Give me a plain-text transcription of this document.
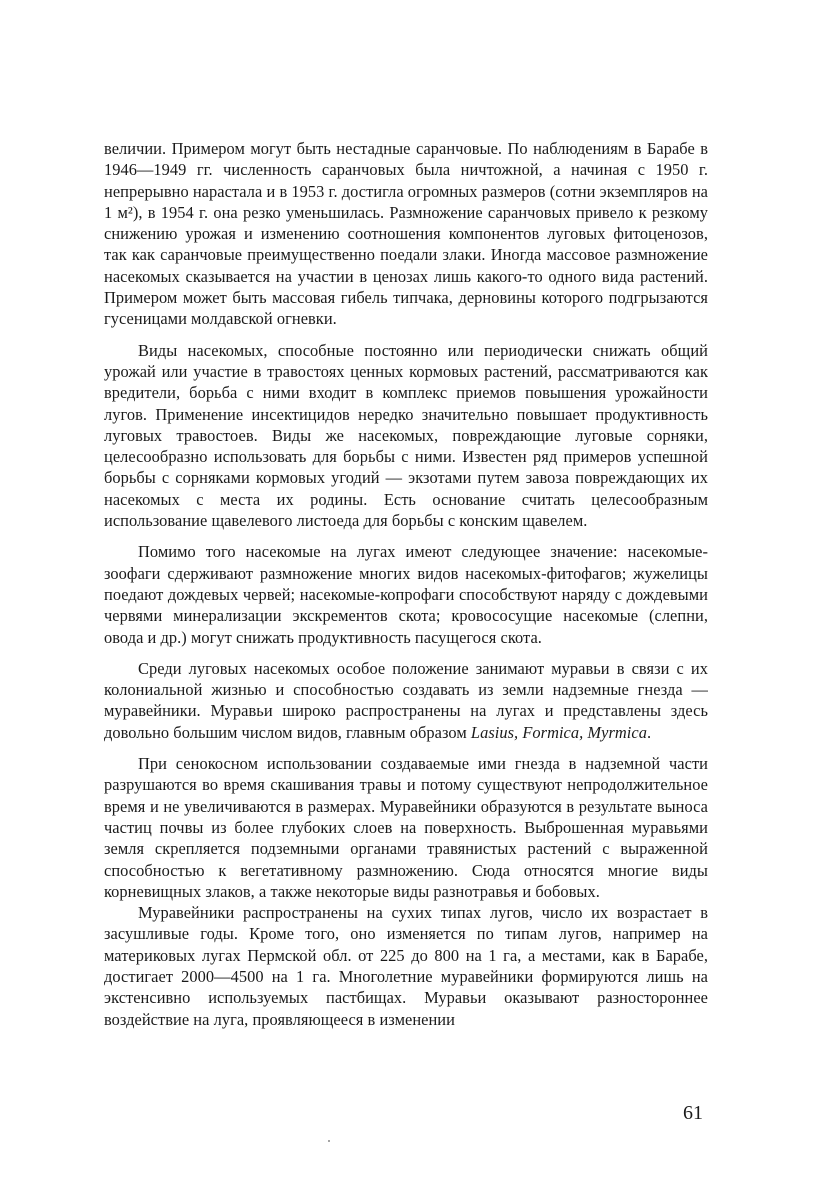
величии. Примером могут быть нестадные саранчовые. По наблюдениям в Барабе в 1946—1949 гг. численность саранчовых была ничтожной, а начиная с 1950 г. непрерывно нарастала и в 1953 г. достигла огромных размеров (сотни экземпляров на 1 м²), в 1954 г. она резко уменьшилась. Размножение саранчовых привело к резкому снижению урожая и изменению соотношения компонентов луговых фитоценозов, так как саранчовые преимущественно поедали злаки. Иногда массовое размножение насекомых сказывается на участии в ценозах лишь какого-то одного вида растений. Примером может быть массовая гибель типчака, дерновины которого подгрызаются гусеницами молдавской огневки.

Виды насекомых, способные постоянно или периодически снижать общий урожай или участие в травостоях ценных кормовых растений, рассматриваются как вредители, борьба с ними входит в комплекс приемов повышения урожайности лугов. Применение инсектицидов нередко значительно повышает продуктивность луговых травостоев. Виды же насекомых, повреждающие луговые сорняки, целесообразно использовать для борьбы с ними. Известен ряд примеров успешной борьбы с сорняками кормовых угодий — экзотами путем завоза повреждающих их насекомых с места их родины. Есть основание считать целесообразным использование щавелевого листоеда для борьбы с конским щавелем.

Помимо того насекомые на лугах имеют следующее значение: насекомые-зоофаги сдерживают размножение многих видов насекомых-фитофагов; жужелицы поедают дождевых червей; насекомые-копрофаги способствуют наряду с дождевыми червями минерализации экскрементов скота; кровососущие насекомые (слепни, овода и др.) могут снижать продуктивность пасущегося скота.

Среди луговых насекомых особое положение занимают муравьи в связи с их колониальной жизнью и способностью создавать из земли надземные гнезда — муравейники. Муравьи широко распространены на лугах и представлены здесь довольно большим числом видов, главным образом Lasius, Formica, Myrmica.

При сенокосном использовании создаваемые ими гнезда в надземной части разрушаются во время скашивания травы и потому существуют непродолжительное время и не увеличиваются в размерах. Муравейники образуются в результате выноса частиц почвы из более глубоких слоев на поверхность. Выброшенная муравьями земля скрепляется подземными органами травянистых растений с выраженной способностью к вегетативному размножению. Сюда относятся многие виды корневищных злаков, а также некоторые виды разнотравья и бобовых.

Муравейники распространены на сухих типах лугов, число их возрастает в засушливые годы. Кроме того, оно изменяется по типам лугов, например на материковых лугах Пермской обл. от 225 до 800 на 1 га, а местами, как в Барабе, достигает 2000—4500 на 1 га. Многолетние муравейники формируются лишь на экстенсивно используемых пастбищах. Муравьи оказывают разностороннее воздействие на луга, проявляющееся в изменении

61
